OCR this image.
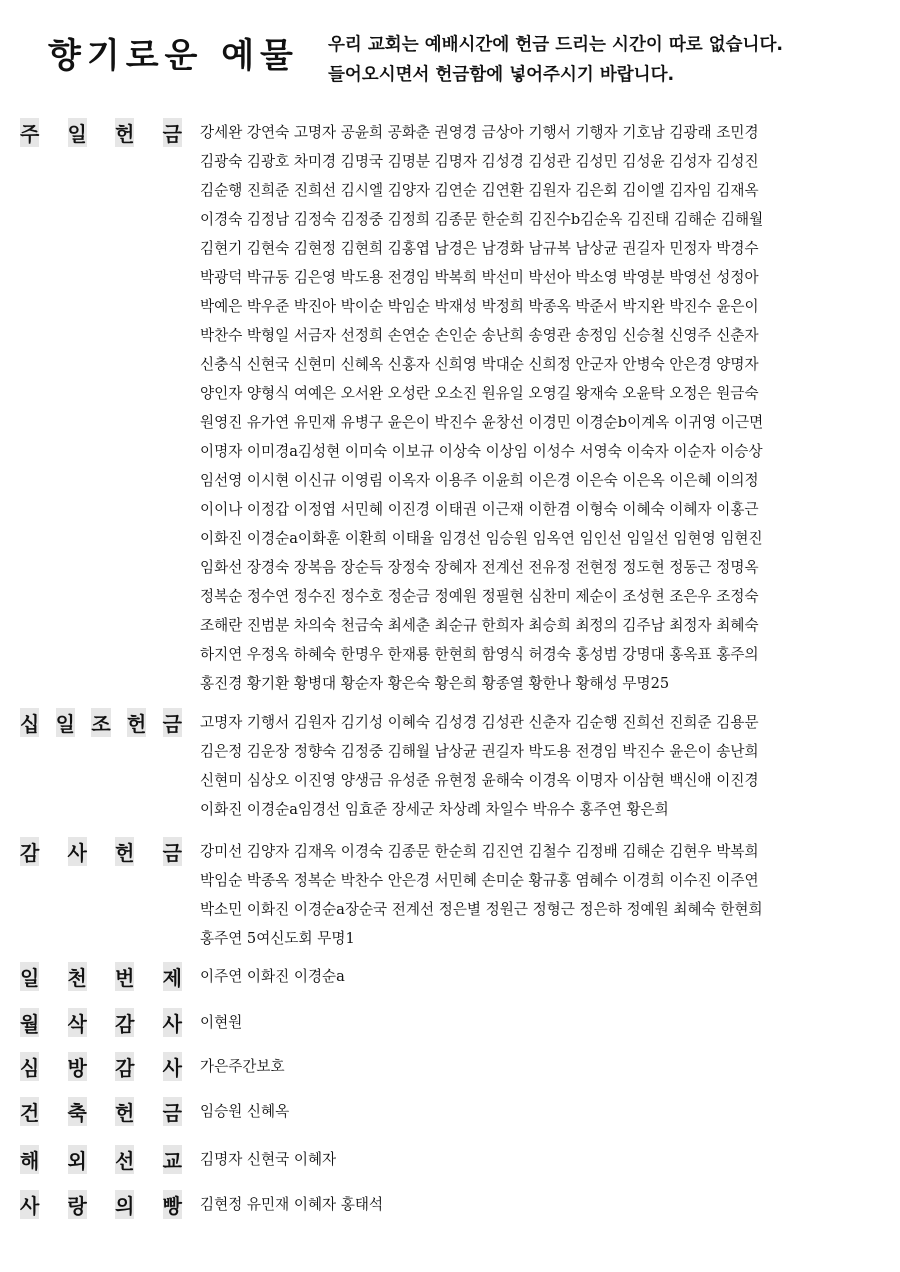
향기로운 예물 우리 교회는 예배시간에 헌금 드리는 시간이 따로 없습니다.
들어오시면서 헌금함에 넣어주시기 바랍니다.
주 일 헌 금 강세완 강연숙 고명자 공윤희 공화춘 권영경 금상아 기행서 기행자 기호남 김광래 조민경
김광숙 김광호 차미경 김명국 김명분 김명자 김성경 김성관 김성민 김성윤 김성자 김성진
김순행 진희준 진희선 김시엘 김양자 김연순 김연환 김원자 김은회 김이엘 김자임 김재옥
이경숙 김정남 김정숙 김정중 김정희 김종문 한순희 김진수b김순옥 김진태 김해순 김해월
김현기 김현숙 김현정 김현희 김홍엽 남경은 남경화 남규복 남상균 권길자 민정자 박경수
박광덕 박규동 김은영 박도용 전경임 박복희 박선미 박선아 박소영 박영분 박영선 성정아
박예은 박우준 박진아 박이순 박임순 박재성 박정희 박종옥 박준서 박지완 박진수 윤은이
박찬수 박형일 서금자 선정희 손연순 손인순 송난희 송영관 송정임 신승철 신영주 신춘자
신충식 신현국 신현미 신혜옥 신홍자 신희영 박대순 신희정 안군자 안병숙 안은경 양명자
양인자 양형식 여예은 오서완 오성란 오소진 원유일 오영길 왕재숙 오윤탁 오정은 원금숙
원영진 유가연 유민재 유병구 윤은이 박진수 윤창선 이경민 이경순b이계옥 이귀영 이근면
이명자 이미경a김성현 이미숙 이보규 이상숙 이상임 이성수 서영숙 이숙자 이순자 이승상
임선영 이시현 이신규 이영림 이옥자 이용주 이윤희 이은경 이은숙 이은옥 이은혜 이의정
이이나 이정갑 이정엽 서민혜 이진경 이태권 이근재 이한겸 이형숙 이혜숙 이혜자 이홍근
이화진 이경순a이화훈 이환희 이태율 임경선 임승원 임옥연 임인선 임일선 임현영 임현진
임화선 장경숙 장복음 장순득 장정숙 장혜자 전계선 전유정 전현정 정도현 정동근 정명옥
정복순 정수연 정수진 정수호 정순금 정예원 정필현 심찬미 제순이 조성현 조은우 조정숙
조해란 진범분 차의숙 천금숙 최세춘 최순규 한희자 최승희 최정의 김주남 최정자 최혜숙
하지연 우정옥 하혜숙 한명우 한재룡 한현희 함영식 허경숙 홍성범 강명대 홍옥표 홍주의
홍진경 황기환 황병대 황순자 황은숙 황은희 황종열 황한나 황해성 무명25
십 일 조 헌 금 고명자 기행서 김원자 김기성 이혜숙 김성경 김성관 신춘자 김순행 진희선 진희준 김용문
김은정 김운장 정향숙 김정중 김해월 남상균 권길자 박도용 전경임 박진수 윤은이 송난희
신현미 심상오 이진영 양생금 유성준 유현정 윤해숙 이경옥 이명자 이삼현 백신애 이진경
이화진 이경순a임경선 임효준 장세군 차상례 차일수 박유수 홍주연 황은희
감 사 헌 금 강미선 김양자 김재옥 이경숙 김종문 한순희 김진연 김철수 김정배 김해순 김현우 박복희
박임순 박종옥 정복순 박찬수 안은경 서민혜 손미순 황규홍 염혜수 이경희 이수진 이주연
박소민 이화진 이경순a장순국 전계선 정은별 정원근 정형근 정은하 정예원 최혜숙 한현희
홍주연 5여신도회 무명1
일 천 번 제 이주연 이화진 이경순a
월 삭 감 사 이현원
심 방 감 사 가은주간보호
건 축 헌 금 임승원 신혜옥
해 외 선 교 김명자 신현국 이혜자
사 랑 의 빵 김현정 유민재 이혜자 홍태석
